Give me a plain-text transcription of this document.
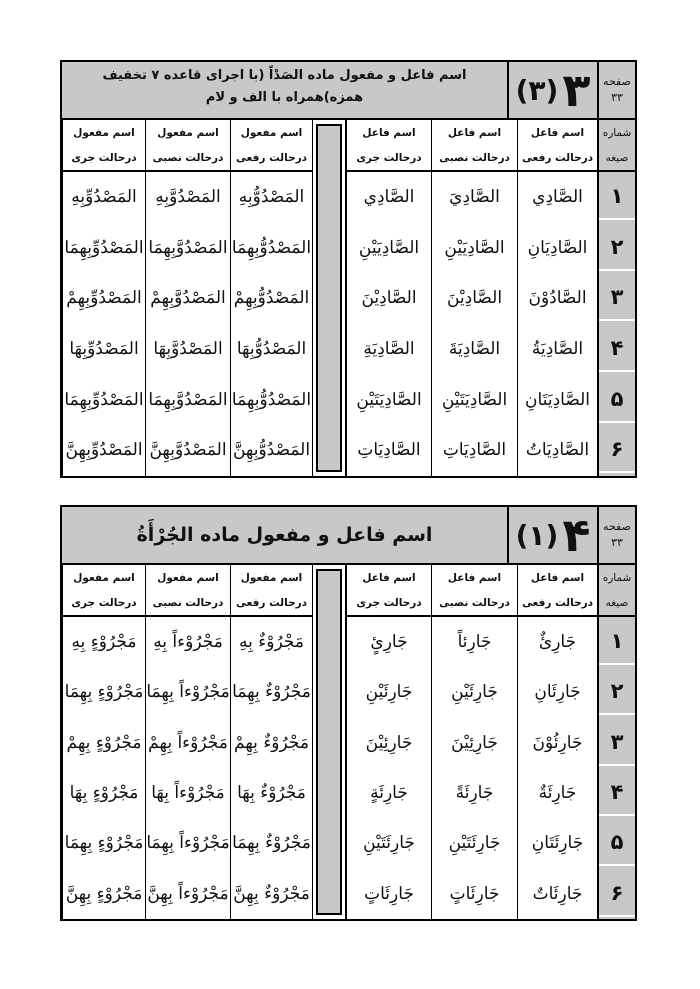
صفحه
۳۳
۳
(۳)
اسم فاعل و مفعول ماده الصَدْاً (با اجرای قاعده ۷ تخفیف همزه)همراه با الف و لام
شماره
صیغه
۱
۲
۳
۴
۵
۶
اسم فاعل
درحالت رفعی
الصَّادِي
الصَّادِيَانِ
الصَّادُوْنَ
الصَّادِيَةُ
الصَّادِيَتَانِ
الصَّادِيَاتُ
اسم فاعل
درحالت نصبی
الصَّادِيَ
الصَّادِيَيْنِ
الصَّادِيْنَ
الصَّادِيَةَ
الصَّادِيَتَيْنِ
الصَّادِيَاتِ
اسم فاعل
درحالت جری
الصَّادِي
الصَّادِيَيْنِ
الصَّادِيْنَ
الصَّادِيَةِ
الصَّادِيَتَيْنِ
الصَّادِيَاتِ
اسم مفعول
درحالت رفعی
المَصْدُوُّبِهِ
المَصْدُوُّبِهِمَا
المَصْدُوُّبِهِمْ
المَصْدُوُّبِهَا
المَصْدُوُّبِهِمَا
المَصْدُوُّبِهِنَّ
اسم مفعول
درحالت نصبی
المَصْدُوَّبِهِ
المَصْدُوَّبِهِمَا
المَصْدُوَّبِهِمْ
المَصْدُوَّبِهَا
المَصْدُوَّبِهِمَا
المَصْدُوَّبِهِنَّ
اسم مفعول
درحالت جری
المَصْدُوِّبِهِ
المَصْدُوِّبِهِمَا
المَصْدُوِّبِهِمْ
المَصْدُوِّبِهَا
المَصْدُوِّبِهِمَا
المَصْدُوِّبِهِنَّ
صفحه
۳۳
۴
(۱)
اسم فاعل و مفعول ماده الجُرْأَةُ
شماره
صیغه
۱
۲
۳
۴
۵
۶
اسم فاعل
درحالت رفعی
جَارِئٌ
جَارِئَانِ
جَارِئُوْنَ
جَارِئَةٌ
جَارِئَتَانِ
جَارِئَاتٌ
اسم فاعل
درحالت نصبی
جَارِئاً
جَارِئَيْنِ
جَارِئِيْنَ
جَارِئَةً
جَارِئَتَيْنِ
جَارِئَاتٍ
اسم فاعل
درحالت جری
جَارِئٍ
جَارِئَيْنِ
جَارِئِيْنَ
جَارِئَةٍ
جَارِئَتَيْنِ
جَارِئَاتٍ
اسم مفعول
درحالت رفعی
مَجْرُوْءٌ بِهِ
مَجْرُوْءٌ بِهِمَا
مَجْرُوْءٌ بِهِمْ
مَجْرُوْءٌ بِهَا
مَجْرُوْءٌ بِهِمَا
مَجْرُوْءٌ بِهِنَّ
اسم مفعول
درحالت نصبی
مَجْرُوْءاً بِهِ
مَجْرُوْءاً بِهِمَا
مَجْرُوْءاً بِهِمْ
مَجْرُوْءاً بِهَا
مَجْرُوْءاً بِهِمَا
مَجْرُوْءاً بِهِنَّ
اسم مفعول
درحالت جری
مَجْرُوْءٍ بِهِ
مَجْرُوْءٍ بِهِمَا
مَجْرُوْءٍ بِهِمْ
مَجْرُوْءٍ بِهَا
مَجْرُوْءٍ بِهِمَا
مَجْرُوْءٍ بِهِنَّ
